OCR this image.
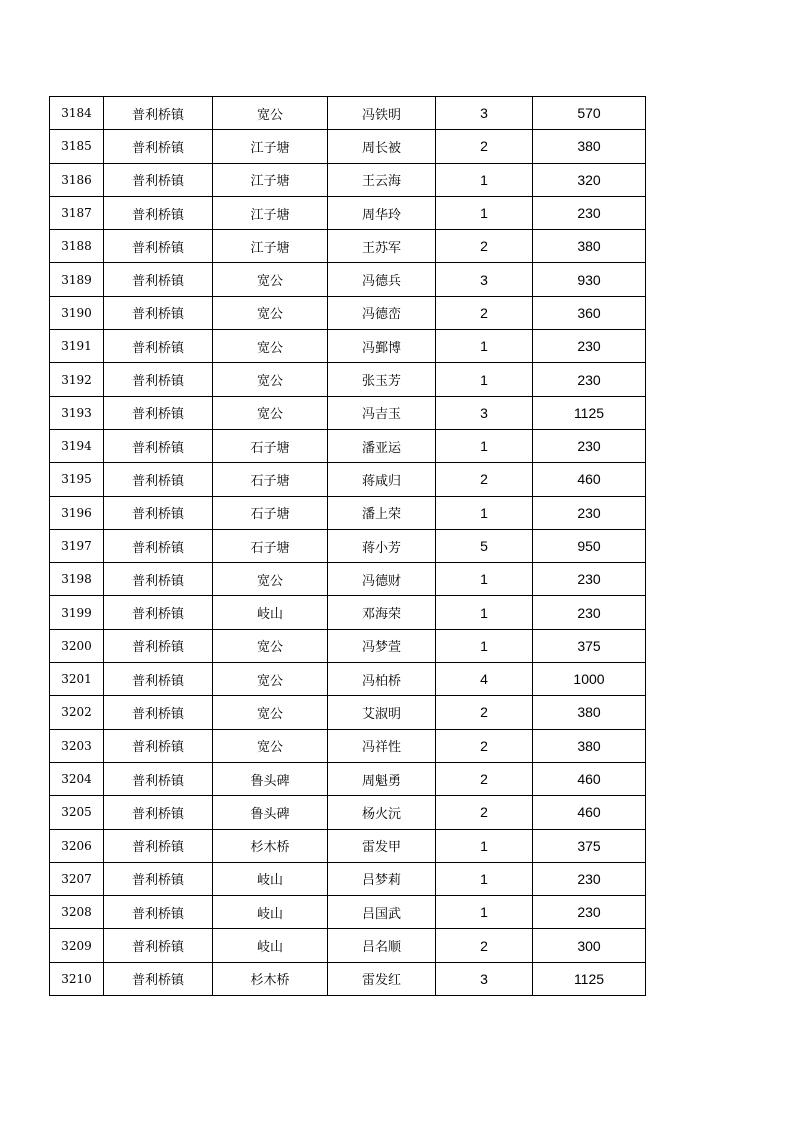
3184	普利桥镇	宽公	冯铁明	3	570
3185	普利桥镇	江子塘	周长被	2	380
3186	普利桥镇	江子塘	王云海	1	320
3187	普利桥镇	江子塘	周华玲	1	230
3188	普利桥镇	江子塘	王苏军	2	380
3189	普利桥镇	宽公	冯德兵	3	930
3190	普利桥镇	宽公	冯德峦	2	360
3191	普利桥镇	宽公	冯鄞博	1	230
3192	普利桥镇	宽公	张玉芳	1	230
3193	普利桥镇	宽公	冯吉玉	3	1125
3194	普利桥镇	石子塘	潘亚运	1	230
3195	普利桥镇	石子塘	蒋咸归	2	460
3196	普利桥镇	石子塘	潘上荣	1	230
3197	普利桥镇	石子塘	蒋小芳	5	950
3198	普利桥镇	宽公	冯德财	1	230
3199	普利桥镇	岐山	邓海荣	1	230
3200	普利桥镇	宽公	冯梦萱	1	375
3201	普利桥镇	宽公	冯柏桥	4	1000
3202	普利桥镇	宽公	艾淑明	2	380
3203	普利桥镇	宽公	冯祥性	2	380
3204	普利桥镇	鲁头碑	周魁勇	2	460
3205	普利桥镇	鲁头碑	杨火沅	2	460
3206	普利桥镇	杉木桥	雷发甲	1	375
3207	普利桥镇	岐山	吕梦莉	1	230
3208	普利桥镇	岐山	吕国武	1	230
3209	普利桥镇	岐山	吕名顺	2	300
3210	普利桥镇	杉木桥	雷发红	3	1125
